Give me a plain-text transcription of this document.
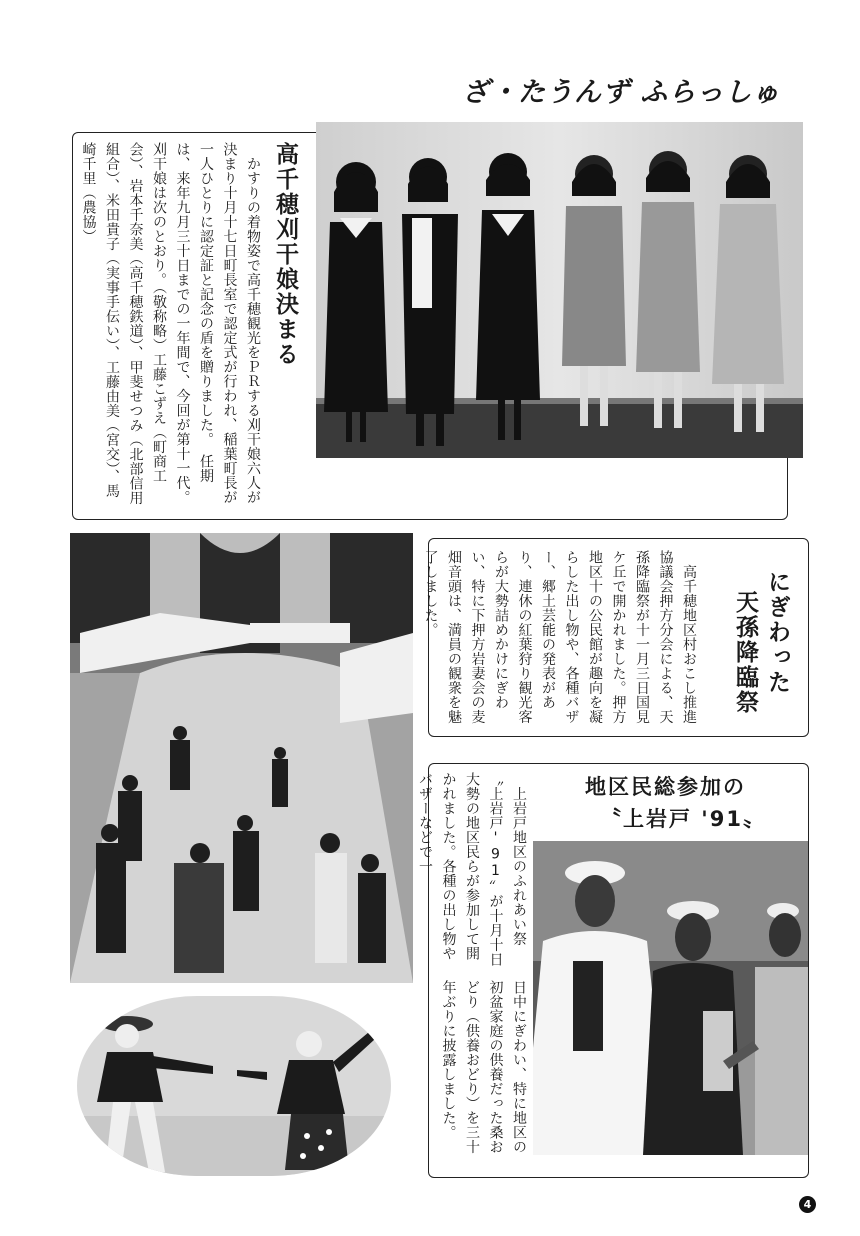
ざ・たうんず ふらっしゅ
高千穂刈干娘決まる
　かすりの着物姿で高千穂観光をＰＲする刈干娘六人が決まり十月十七日町長室で認定式が行われ、稲葉町長が一人ひとりに認定証と記念の盾を贈りました。　任期は、来年九月三十日までの一年間で、今回が第十一代。刈干娘は次のとおり。（敬称略）工藤こずえ（町商工会）、岩本千奈美（高千穂鉄道）、甲斐せつみ（北部信用組合）、米田貴子（実事手伝い）、工藤由美（宮交）、馬崎千里（農協）
にぎわった
天孫降臨祭
　高千穂地区村おこし推進協議会押方分会による、天孫降臨祭が十一月三日国見ケ丘で開かれました。押方地区十の公民館が趣向を凝らした出し物や、各種バザー、郷土芸能の発表があり、連休の紅葉狩り観光客らが大勢詰めかけにぎわい、特に下押方岩妻会の麦畑音頭は、満員の観衆を魅了しました。
地区民総参加の
〝上岩戸 '91〟
　上岩戸地区のふれあい祭〝上岩戸'91〟が十月十日大勢の地区民らが参加して開かれました。各種の出し物やバザーなどで一
日中にぎわい、特に地区の初盆家庭の供養だった桑おどり（供養おどり）を三十年ぶりに披露しました。
4
